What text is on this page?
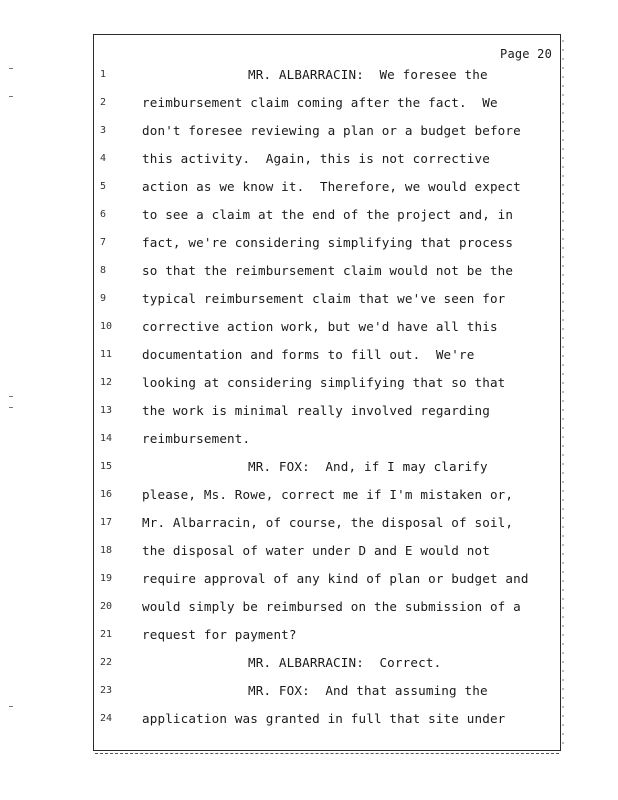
Page 20
1	MR. ALBARRACIN:  We foresee the
2	reimbursement claim coming after the fact.  We
3	don't foresee reviewing a plan or a budget before
4	this activity.  Again, this is not corrective
5	action as we know it.  Therefore, we would expect
6	to see a claim at the end of the project and, in
7	fact, we're considering simplifying that process
8	so that the reimbursement claim would not be the
9	typical reimbursement claim that we've seen for
10	corrective action work, but we'd have all this
11	documentation and forms to fill out.  We're
12	looking at considering simplifying that so that
13	the work is minimal really involved regarding
14	reimbursement.
15	MR. FOX:  And, if I may clarify
16	please, Ms. Rowe, correct me if I'm mistaken or,
17	Mr. Albarracin, of course, the disposal of soil,
18	the disposal of water under D and E would not
19	require approval of any kind of plan or budget and
20	would simply be reimbursed on the submission of a
21	request for payment?
22	MR. ALBARRACIN:  Correct.
23	MR. FOX:  And that assuming the
24	application was granted in full that site under
